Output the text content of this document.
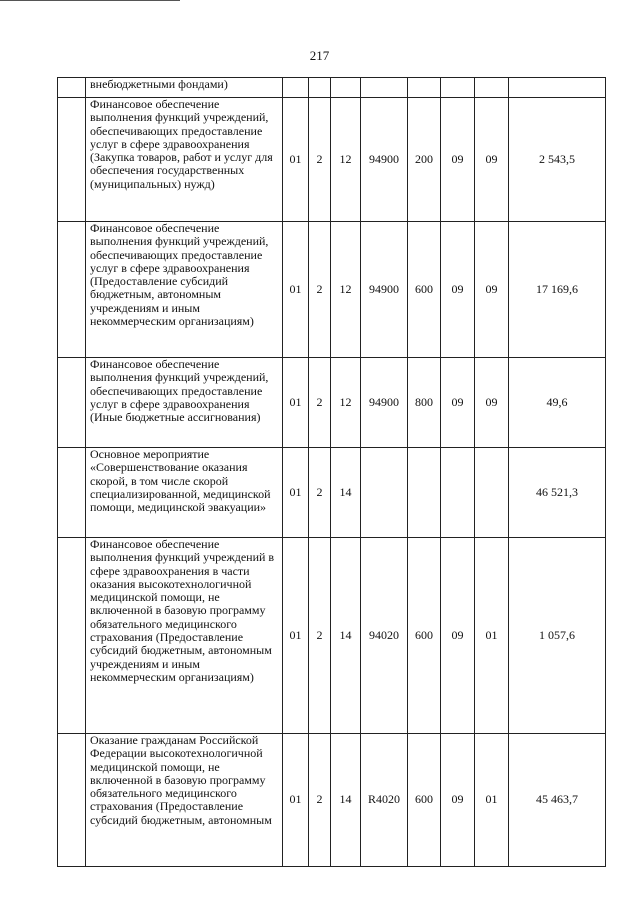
217
	внебюджетными фондами)								
	Финансовое обеспечение выполнения функций учреждений, обеспечивающих предоставление услуг в сфере здравоохранения (Закупка товаров, работ и услуг для обеспечения государственных (муниципальных) нужд)	01	2	12	94900	200	09	09	2 543,5
	Финансовое обеспечение выполнения функций учреждений, обеспечивающих предоставление услуг в сфере здравоохранения (Предоставление субсидий бюджетным, автономным учреждениям и иным некоммерческим организациям)	01	2	12	94900	600	09	09	17 169,6
	Финансовое обеспечение выполнения функций учреждений, обеспечивающих предоставление услуг в сфере здравоохранения (Иные бюджетные ассигнования)	01	2	12	94900	800	09	09	49,6
	Основное мероприятие «Совершенствование оказания скорой, в том числе скорой специализированной, медицинской помощи, медицинской эвакуации»	01	2	14					46 521,3
	Финансовое обеспечение выполнения функций учреждений в сфере здравоохранения в части оказания высокотехнологичной медицинской помощи, не включенной в базовую программу обязательного медицинского страхования (Предоставление субсидий бюджетным, автономным учреждениям и иным некоммерческим организациям)	01	2	14	94020	600	09	01	1 057,6
	Оказание гражданам Российской Федерации высокотехнологичной медицинской помощи, не включенной в базовую программу обязательного медицинского страхования (Предоставление субсидий бюджетным, автономным	01	2	14	R4020	600	09	01	45 463,7
